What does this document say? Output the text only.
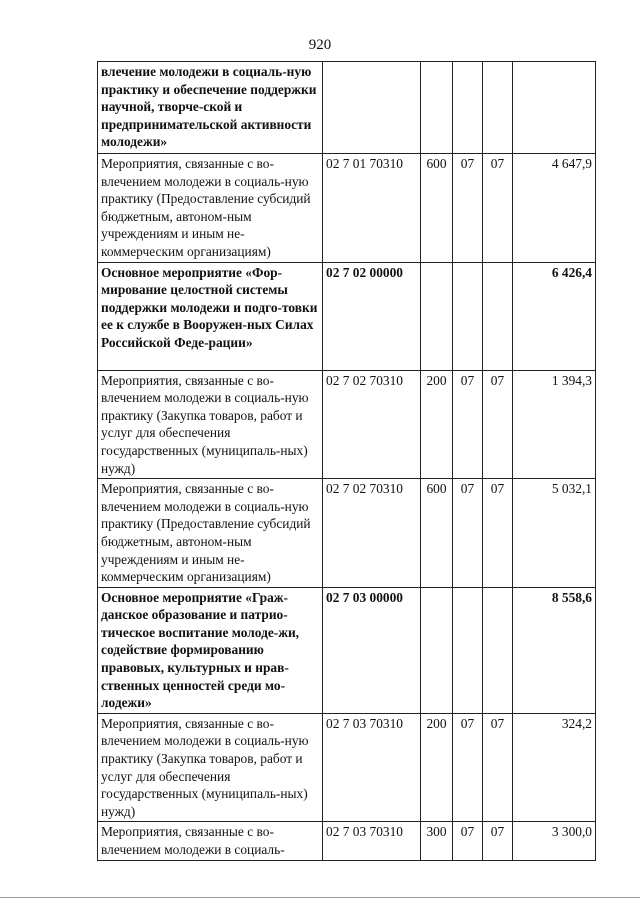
920
влечение молодежи в социаль-ную практику и обеспечение поддержки научной, творче-ской и предпринимательской активности молодежи»					
Мероприятия, связанные с во-влечением молодежи в социаль-ную практику (Предоставление субсидий бюджетным, автоном-ным учреждениям и иным не-коммерческим организациям)	02 7 01 70310	600	07	07	4 647,9
Основное мероприятие «Фор-мирование целостной системы поддержки молодежи и подго-товки ее к службе в Вооружен-ных Силах Российской Феде-рации»	02 7 02 00000				6 426,4
Мероприятия, связанные с во-влечением молодежи в социаль-ную практику (Закупка товаров, работ и услуг для обеспечения государственных (муниципаль-ных) нужд)	02 7 02 70310	200	07	07	1 394,3
Мероприятия, связанные с во-влечением молодежи в социаль-ную практику (Предоставление субсидий бюджетным, автоном-ным учреждениям и иным не-коммерческим организациям)	02 7 02 70310	600	07	07	5 032,1
Основное мероприятие «Граж-данское образование и патрио-тическое воспитание молоде-жи, содействие формированию правовых, культурных и нрав-ственных ценностей среди мо-лодежи»	02 7 03 00000				8 558,6
Мероприятия, связанные с во-влечением молодежи в социаль-ную практику (Закупка товаров, работ и услуг для обеспечения государственных (муниципаль-ных) нужд)	02 7 03 70310	200	07	07	324,2
Мероприятия, связанные с во-влечением молодежи в социаль-	02 7 03 70310	300	07	07	3 300,0
